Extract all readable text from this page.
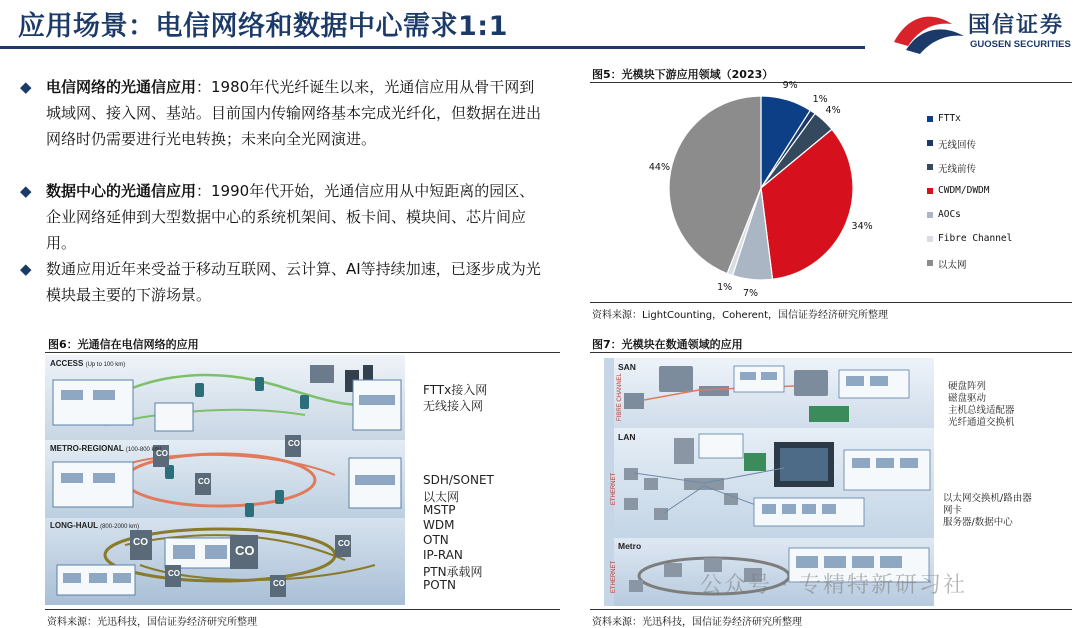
应用场景：电信网络和数据中心需求1:1	国信证券
GUOSEN SECURITIES
◆ 电信网络的光通信应用：1980年代光纤诞生以来，光通信应用从骨干网到城域网、接入网、基站。目前国内传输网络基本完成光纤化，但数据在进出网络时仍需要进行光电转换；未来向全光网演进。
◆ 数据中心的光通信应用：1990年代开始，光通信应用从中短距离的园区、企业网络延伸到大型数据中心的系统机架间、板卡间、模块间、芯片间应用。
◆ 数通应用近年来受益于移动互联网、云计算、AI等持续加速，已逐步成为光模块最主要的下游场景。
图5：光模块下游应用领域（2023）
FTTx
无线回传
无线前传
CWDM/DWDM
AOCs
Fibre Channel
以太网
9%
1%
4%
34%
7%
1%
44%
资料来源：LightCounting，Coherent，国信证券经济研究所整理
图6：光通信在电信网络的应用
ACCESS (Up to 100 km)
METRO-REGIONAL (100-800 km)
LONG-HAUL (800-2000 km)
CO
CO
CO
CO
CO
CO
CO
CO
FTTx接入网
无线接入网
SDH/SONET
以太网
MSTP
WDM
OTN
IP-RAN
PTN承载网
POTN
资料来源：光迅科技，国信证券经济研究所整理
图7：光模块在数通领域的应用
SAN
LAN
Metro
FIBRE CHANNEL
ETHERNET
ETHERNET
硬盘阵列
磁盘驱动
主机总线适配器
光纤通道交换机
以太网交换机/路由器
网卡
服务器/数据中心
公众号 · 专精特新研习社
资料来源：光迅科技，国信证券经济研究所整理
